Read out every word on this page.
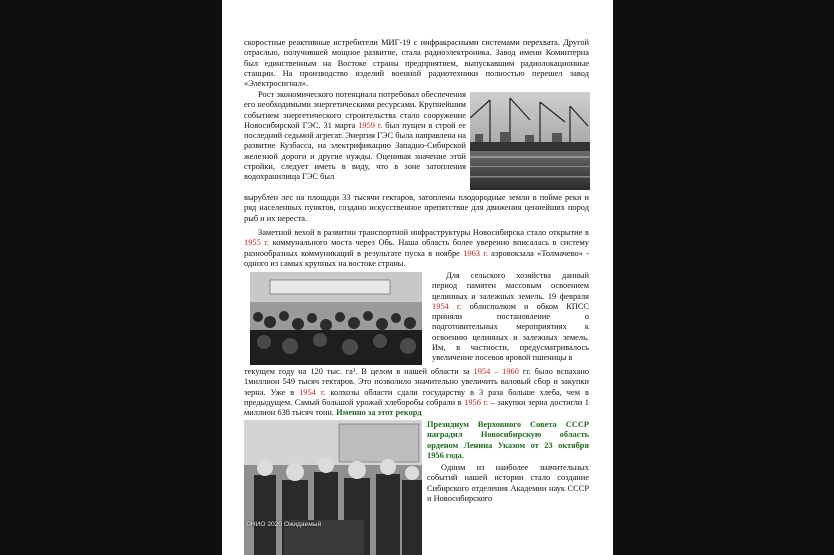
скоростные реактивные истребители МИГ-19 с инфракрасными системами перехвата. Другой отраслью, получившей мощное развитие, стала радиоэлектроника. Завод имени Коминтерна был единственным на Востоке страны предприятием, выпускавшим радиолокационные станции. На производство изделий военной радиотехники полностью перешел завод «Электросигнал».

Рост экономического потенциала потребовал обеспечения его необходимыми энергетическими ресурсами. Крупнейшим событием энергетического строительства стало сооружение Новосибирской ГЭС. 31 марта 1959 г. был пущен в строй ее последний седьмой агрегат. Энергия ГЭС была направлена на развитие Кузбасса, на электрификацию Западно-Сибирской железной дороги и другие нужды. Оценивая значение этой стройки, следует иметь в виду, что в зоне затопления водохранилища ГЭС был

вырублен лес на площади 33 тысячи гектаров, затоплены плодородные земли в пойме реки и ряд населенных пунктов, создано искусственное препятствие для движения ценнейших пород рыб и их нереста.

Заметной вехой в развитии транспортной инфраструктуры Новосибирска стало открытие в 1955 г. коммунального моста через Обь. Наша область более уверенно вписалась в систему разнообразных коммуникаций в результате пуска в ноябре 1963 г. аэровокзала «Толмачево» - одного из самых крупных на востоке страны.

Для сельского хозяйства данный период памятен массовым освоением целинных и залежных земель. 19 февраля 1954 г. облисполком и обком КПСС приняли постановление о подготовительных мероприятиях к освоению целинных и залежных земель. Им, в частности, предусматривалось увеличение посевов яровой пшеницы в

текущем году на 120 тыс. га³. В целом в нашей области за 1954 – 1960 гг. было вспахано 1миллион 549 тысяч гектаров. Это позволило значительно увеличить валовый сбор и закупки зерна. Уже в 1954 г. колхозы области сдали государству в 3 раза больше хлеба, чем в предыдущем. Самый большой урожай хлеборобы собрали в 1956 г. – закупки зерна достигли 1 миллион 638 тысяч тонн. Именно за этот рекорд

©НИО 2020 Ожидаемый

Президиум Верховного Совета СССР наградил Новосибирскую область орденом Ленина Указом от 23 октября 1956 года.

Одним из наиболее значительных событий нашей истории стало создание Сибирского отделения Академии наук СССР и Новосибирского
